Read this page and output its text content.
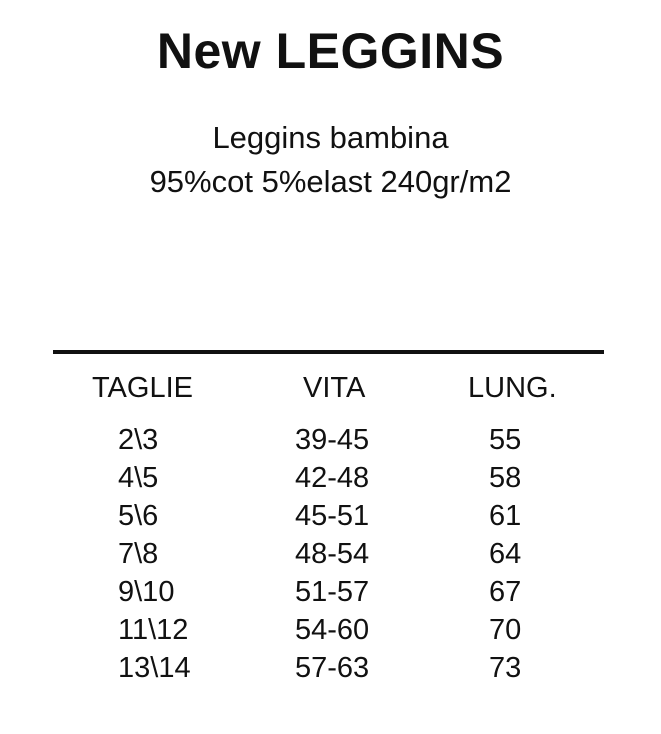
New LEGGINS
Leggins bambina
95%cot 5%elast 240gr/m2
TAGLIE	VITA	LUNG.
2\3	39-45	55
4\5	42-48	58
5\6	45-51	61
7\8	48-54	64
9\10	51-57	67
11\12	54-60	70
13\14	57-63	73
